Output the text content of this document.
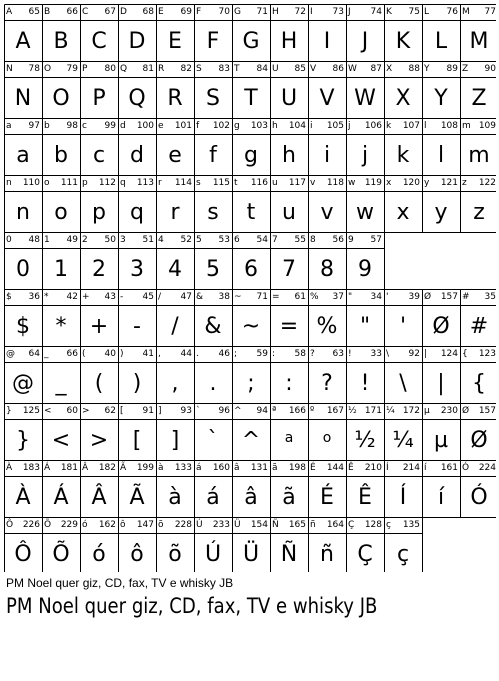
A 65
A
B 66
B
C 67
C
D 68
D
E 69
E
F 70
F
G 71
G
H 72
H
I 73
I
J 74
J
K 75
K
L 76
L
M 77
M
N 78
N
O 79
O
P 80
P
Q 81
Q
R 82
R
S 83
S
T 84
T
U 85
U
V 86
V
W 87
W
X 88
X
Y 89
Y
Z 90
Z
a 97
a
b 98
b
c 99
c
d 100
d
e 101
e
f 102
f
g 103
g
h 104
h
i 105
i
j 106
j
k 107
k
l 108
l
m 109
m
n 110
n
o 111
o
p 112
p
q 113
q
r 114
r
s 115
s
t 116
t
u 117
u
v 118
v
w 119
w
x 120
x
y 121
y
z 122
z
0 48
0
1 49
1
2 50
2
3 51
3
4 52
4
5 53
5
6 54
6
7 55
7
8 56
8
9 57
9
$ 36
$
* 42
*
+ 43
+
- 45
-
/ 47
/
& 38
&
~ 71
~
= 61
=
% 37
%
" 34
"
' 39
'
Ø 157
Ø
# 35
#
@ 64
@
_ 66
_
( 40
(
) 41
)
, 44
,
. 46
.
; 59
;
: 58
:
? 63
?
! 33
!
\ 92
\
| 124
|
{ 123
{
} 125
}
< 60
<
> 62
>
[ 91
[
] 93
]
` 96
`
^ 94
^
ª 166
a
º 167
o
½ 171
½
¼ 172
¼
µ 230
µ
Ø 157
Ø
À 183
À
Á 181
Á
Â 182
Â
Ã 199
Ã
à 133
à
á 160
á
â 131
â
ã 198
ã
É 144
É
Ê 210
Ê
Í 214
Í
í 161
í
Ó 224
Ó
Ô 226
Ô
Õ 229
Õ
ó 162
ó
ô 147
ô
õ 228
õ
Ú 233
Ú
Ü 154
Ü
Ñ 165
Ñ
ñ 164
ñ
Ç 128
Ç
ç 135
ç
PM Noel quer giz, CD, fax, TV e whisky JB
PM Noel quer giz, CD, fax, TV e whisky JB
